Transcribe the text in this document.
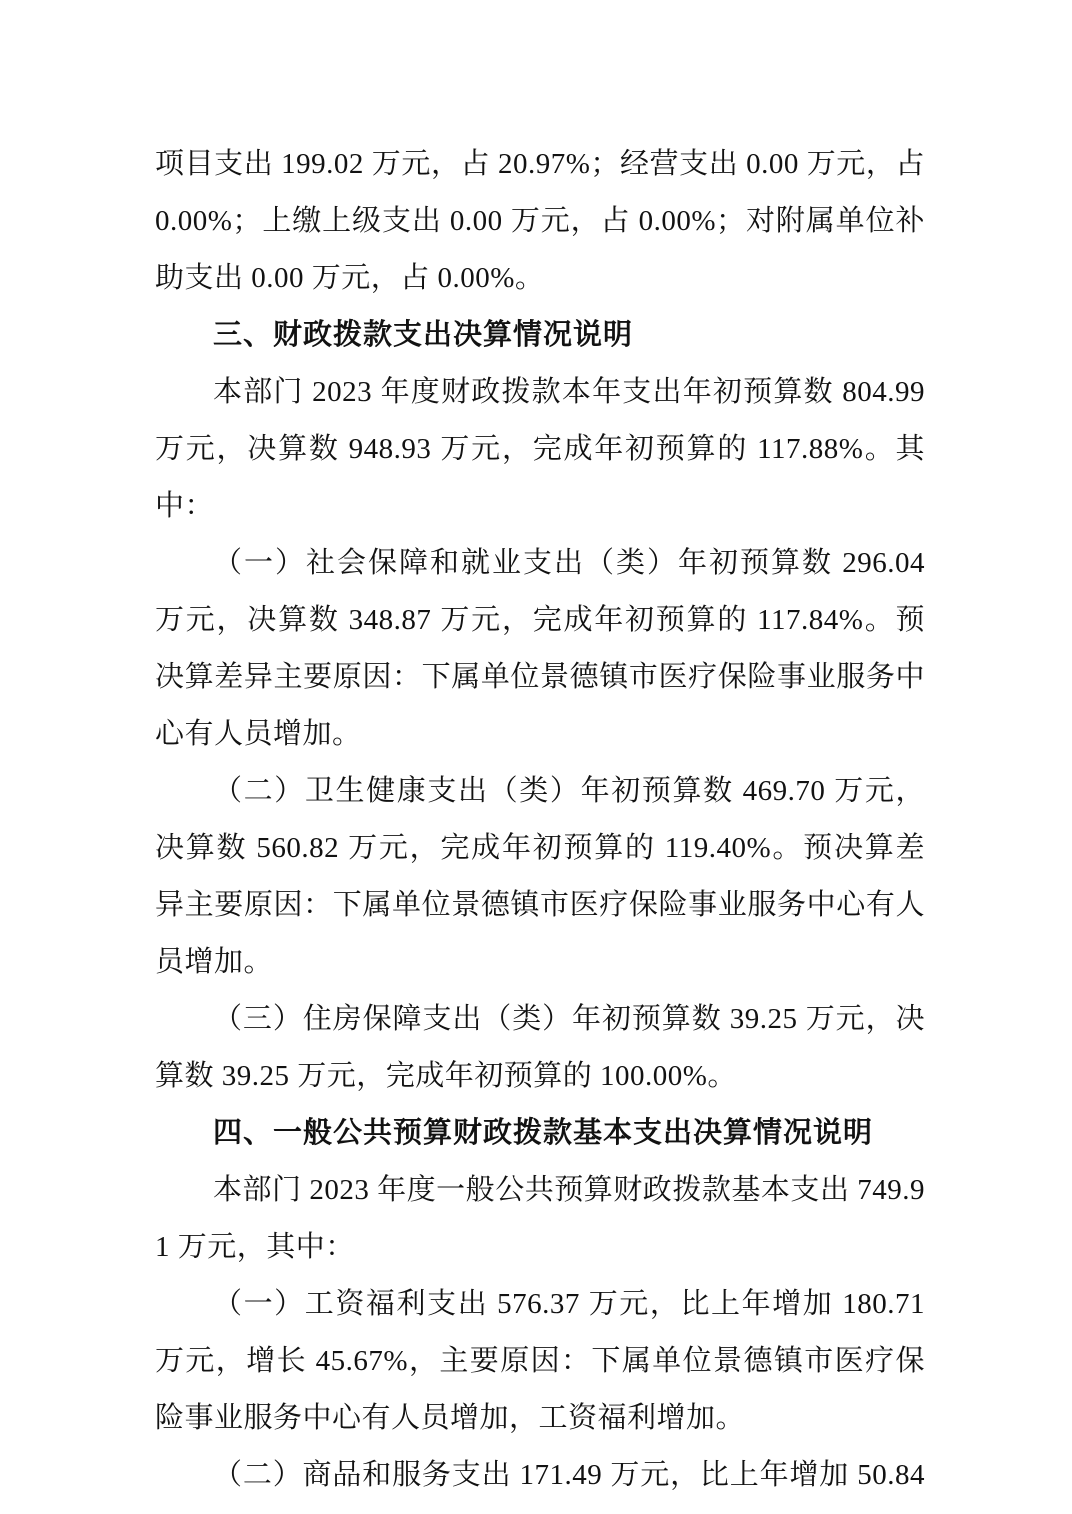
项目支出 199.02 万元，占 20.97%；经营支出 0.00 万元，占 0.00%；上缴上级支出 0.00 万元，占 0.00%；对附属单位补助支出 0.00 万元，占 0.00%。

三、财政拨款支出决算情况说明

本部门 2023 年度财政拨款本年支出年初预算数 804.99 万元，决算数 948.93 万元，完成年初预算的 117.88%。其中：

（一）社会保障和就业支出（类）年初预算数 296.04 万元，决算数 348.87 万元，完成年初预算的 117.84%。预决算差异主要原因：下属单位景德镇市医疗保险事业服务中心有人员增加。

（二）卫生健康支出（类）年初预算数 469.70 万元，决算数 560.82 万元，完成年初预算的 119.40%。预决算差异主要原因：下属单位景德镇市医疗保险事业服务中心有人员增加。

（三）住房保障支出（类）年初预算数 39.25 万元，决算数 39.25 万元，完成年初预算的 100.00%。

四、一般公共预算财政拨款基本支出决算情况说明

本部门 2023 年度一般公共预算财政拨款基本支出 749.91 万元，其中：

（一）工资福利支出 576.37 万元，比上年增加 180.71 万元，增长 45.67%，主要原因：下属单位景德镇市医疗保险事业服务中心有人员增加，工资福利增加。

（二）商品和服务支出 171.49 万元，比上年增加 50.84
